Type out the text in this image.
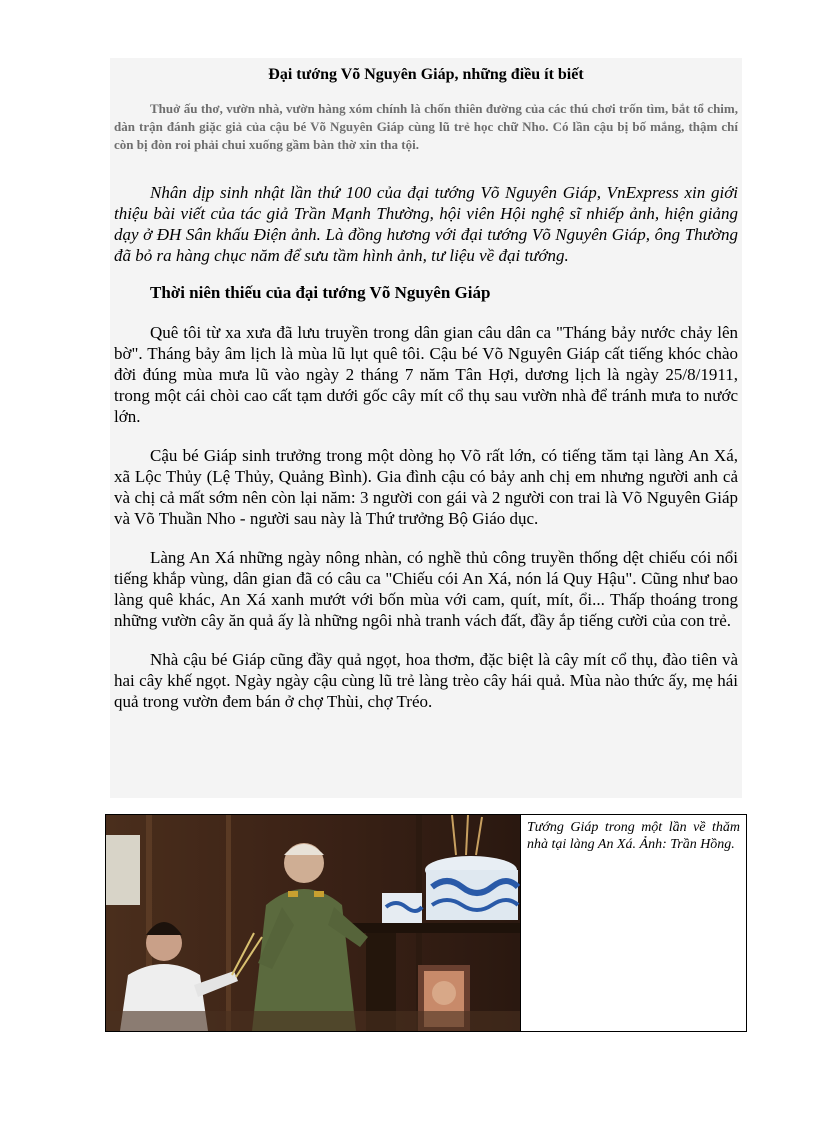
Đại tướng Võ Nguyên Giáp, những điều ít biết

Thuở ấu thơ, vườn nhà, vườn hàng xóm chính là chốn thiên đường của các thú chơi trốn tìm, bắt tổ chim, dàn trận đánh giặc giả của cậu bé Võ Nguyên Giáp cùng lũ trẻ học chữ Nho. Có lần cậu bị bố mắng, thậm chí còn bị đòn roi phải chui xuống gầm bàn thờ xin tha tội.

Nhân dịp sinh nhật lần thứ 100 của đại tướng Võ Nguyên Giáp, VnExpress xin giới thiệu bài viết của tác giả Trần Mạnh Thường, hội viên Hội nghệ sĩ nhiếp ảnh, hiện giảng dạy ở ĐH Sân khấu Điện ảnh. Là đồng hương với đại tướng Võ Nguyên Giáp, ông Thường đã bỏ ra hàng chục năm để sưu tầm hình ảnh, tư liệu về đại tướng.

Thời niên thiếu của đại tướng Võ Nguyên Giáp

Quê tôi từ xa xưa đã lưu truyền trong dân gian câu dân ca "Tháng bảy nước chảy lên bờ". Tháng bảy âm lịch là mùa lũ lụt quê tôi. Cậu bé Võ Nguyên Giáp cất tiếng khóc chào đời đúng mùa mưa lũ vào ngày 2 tháng 7 năm Tân Hợi, dương lịch là ngày 25/8/1911, trong một cái chòi cao cất tạm dưới gốc cây mít cổ thụ sau vườn nhà để tránh mưa to nước lớn.

Cậu bé Giáp sinh trưởng trong một dòng họ Võ rất lớn, có tiếng tăm tại làng An Xá, xã Lộc Thủy (Lệ Thủy, Quảng Bình). Gia đình cậu có bảy anh chị em nhưng người anh cả và chị cả mất sớm nên còn lại năm: 3 người con gái và 2 người con trai là Võ Nguyên Giáp và Võ Thuần Nho - người sau này là Thứ trưởng Bộ Giáo dục.

Làng An Xá những ngày nông nhàn, có nghề thủ công truyền thống dệt chiếu cói nổi tiếng khắp vùng, dân gian đã có câu ca "Chiếu cói An Xá, nón lá Quy Hậu". Cũng như bao làng quê khác, An Xá xanh mướt với bốn mùa với cam, quít, mít, ổi... Thấp thoáng trong những vườn cây ăn quả ấy là những ngôi nhà tranh vách đất, đầy ắp tiếng cười của con trẻ.

Nhà cậu bé Giáp cũng đầy quả ngọt, hoa thơm, đặc biệt là cây mít cổ thụ, đào tiên và hai cây khế ngọt. Ngày ngày cậu cùng lũ trẻ làng trèo cây hái quả. Mùa nào thức ấy, mẹ hái quả trong vườn đem bán ở chợ Thùi, chợ Tréo.

Tướng Giáp trong một lần về thăm nhà tại làng An Xá. Ảnh: Trần Hồng.
